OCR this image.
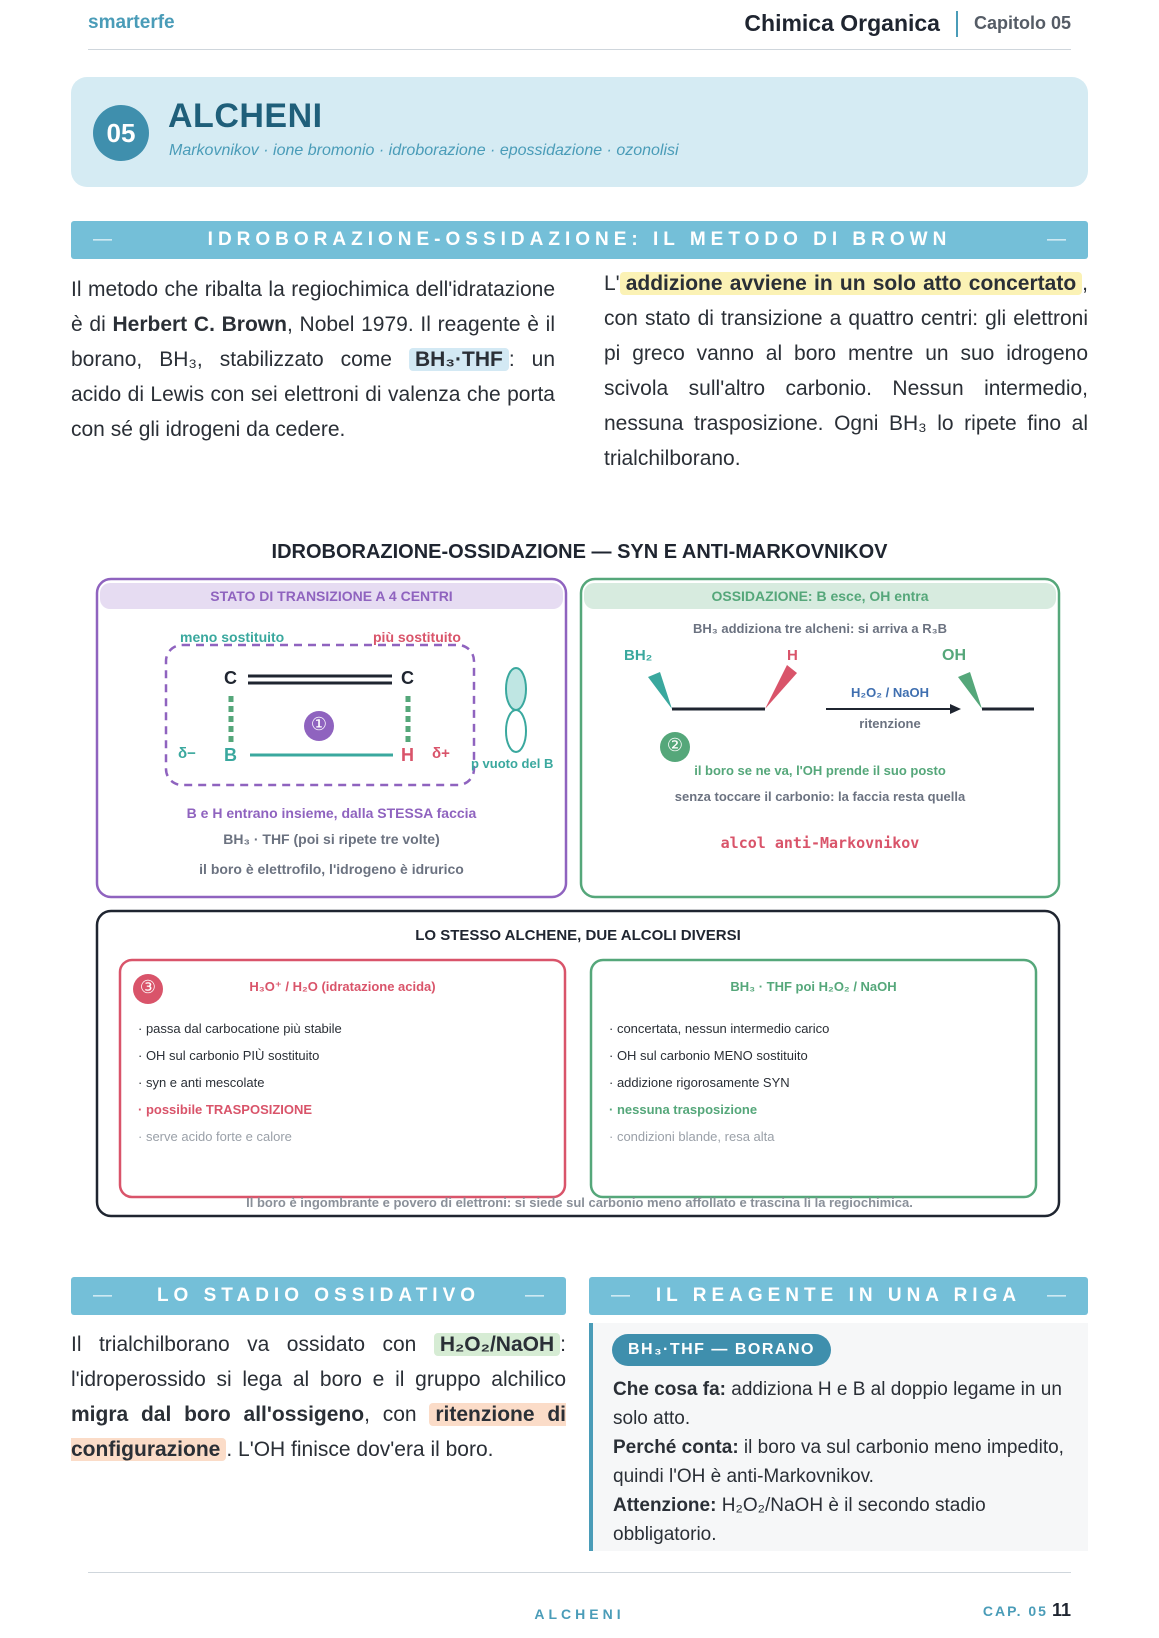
smarterfe	Chimica Organica Capitolo 05
05 ALCHENI
Markovnikov · ione bromonio · idroborazione · epossidazione · ozonolisi
—	IDROBORAZIONE-OSSIDAZIONE: IL METODO DI BROWN	—
Il metodo che ribalta la regiochimica dell'idratazione è di Herbert C. Brown, Nobel 1979. Il reagente è il borano, BH₃, stabilizzato come BH₃·THF : un acido di Lewis con sei elettroni di valenza che porta con sé gli idrogeni da cedere.
L' addizione avviene in un solo atto concertato , con stato di transizione a quattro centri: gli elettroni pi greco vanno al boro mentre un suo idrogeno scivola sull'altro carbonio. Nessun intermedio, nessuna trasposizione. Ogni BH₃ lo ripete fino al trialchilborano.
IDROBORAZIONE-OSSIDAZIONE — SYN E ANTI-MARKOVNIKOV
STATO DI TRANSIZIONE A 4 CENTRI
meno sostituito	più sostituito
C	C
B	H
δ−	δ+
①
p vuoto del B
B e H entrano insieme, dalla STESSA faccia
BH₃ · THF (poi si ripete tre volte)
il boro è elettrofilo, l'idrogeno è idrurico
OSSIDAZIONE: B esce, OH entra
BH₃ addiziona tre alcheni: si arriva a R₃B
BH₂	H	OH
H₂O₂ / NaOH
ritenzione
②
il boro se ne va, l'OH prende il suo posto
senza toccare il carbonio: la faccia resta quella
alcol anti-Markovnikov
LO STESSO ALCHENE, DUE ALCOLI DIVERSI
③	H₃O⁺ / H₂O (idratazione acida)
· passa dal carbocatione più stabile
· OH sul carbonio PIÙ sostituito
· syn e anti mescolate
· possibile TRASPOSIZIONE
· serve acido forte e calore
BH₃ · THF poi H₂O₂ / NaOH
· concertata, nessun intermedio carico
· OH sul carbonio MENO sostituito
· addizione rigorosamente SYN
· nessuna trasposizione
· condizioni blande, resa alta
Il boro è ingombrante e povero di elettroni: si siede sul carbonio meno affollato e trascina lì la regiochimica.
— LO STADIO OSSIDATIVO —
Il trialchilborano va ossidato con H₂O₂/NaOH : l'idroperossido si lega al boro e il gruppo alchilico migra dal boro all'ossigeno, con ritenzione di configurazione . L'OH finisce dov'era il boro.
— IL REAGENTE IN UNA RIGA —
BH₃·THF — BORANO
Che cosa fa: addiziona H e B al doppio legame in un solo atto.
Perché conta: il boro va sul carbonio meno impedito, quindi l'OH è anti-Markovnikov.
Attenzione: H₂O₂/NaOH è il secondo stadio obbligatorio.
ALCHENI	CAP. 05 11
